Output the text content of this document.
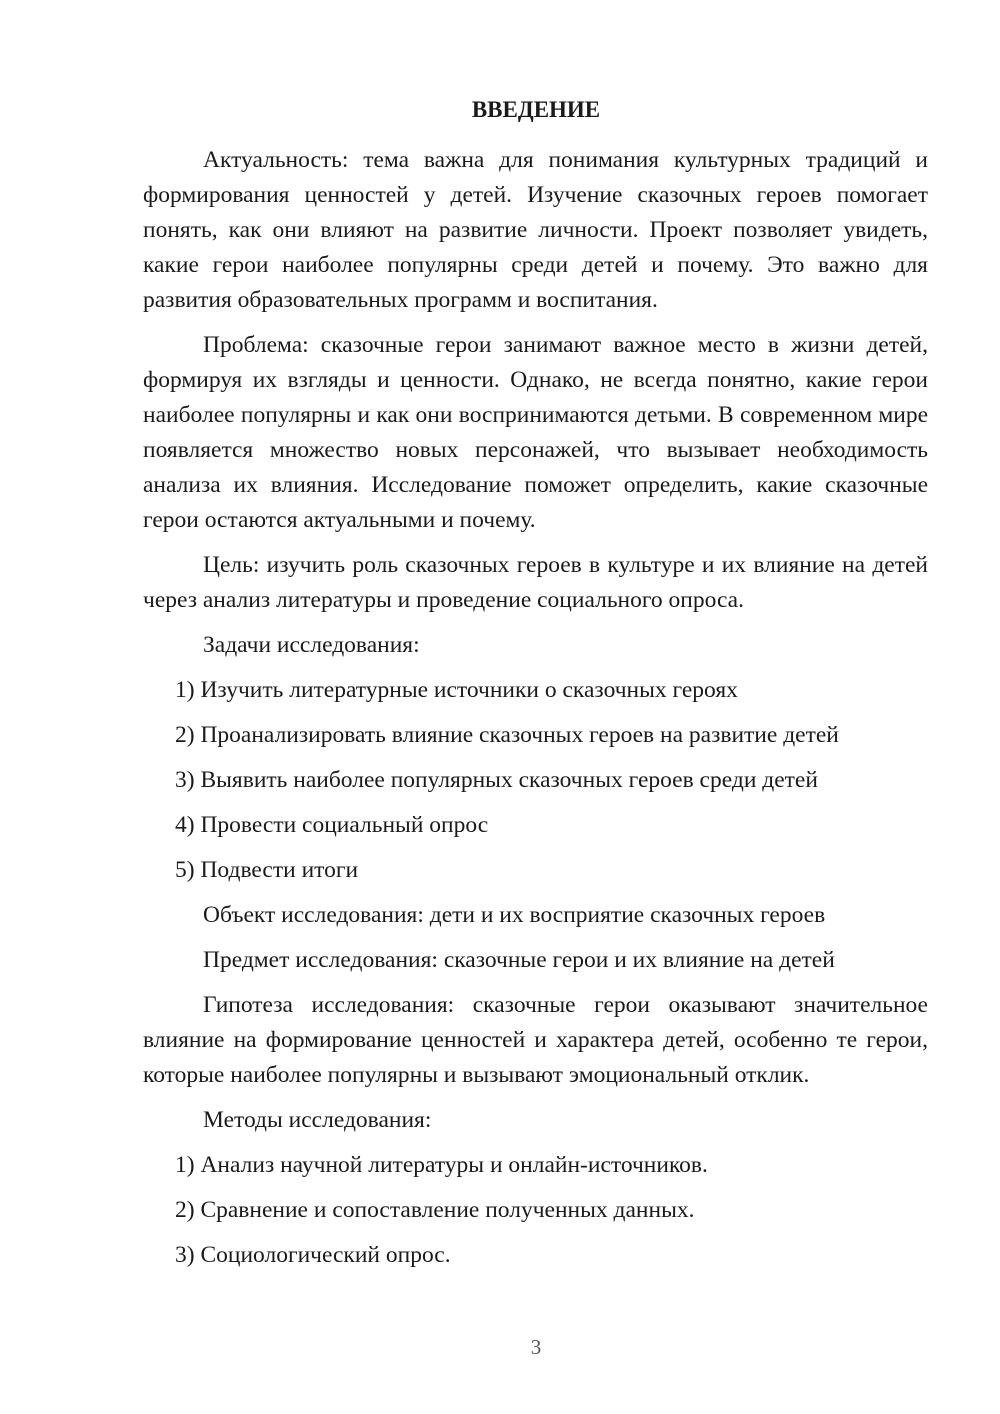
ВВЕДЕНИЕ

Актуальность: тема важна для понимания культурных традиций и формирования ценностей у детей. Изучение сказочных героев помогает понять, как они влияют на развитие личности. Проект позволяет увидеть, какие герои наиболее популярны среди детей и почему. Это важно для развития образовательных программ и воспитания.

Проблема: сказочные герои занимают важное место в жизни детей, формируя их взгляды и ценности. Однако, не всегда понятно, какие герои наиболее популярны и как они воспринимаются детьми. В современном мире появляется множество новых персонажей, что вызывает необходимость анализа их влияния. Исследование поможет определить, какие сказочные герои остаются актуальными и почему.

Цель: изучить роль сказочных героев в культуре и их влияние на детей через анализ литературы и проведение социального опроса.

Задачи исследования:

1) Изучить литературные источники о сказочных героях

2) Проанализировать влияние сказочных героев на развитие детей

3) Выявить наиболее популярных сказочных героев среди детей

4) Провести социальный опрос

5) Подвести итоги

Объект исследования: дети и их восприятие сказочных героев

Предмет исследования: сказочные герои и их влияние на детей

Гипотеза исследования: сказочные герои оказывают значительное влияние на формирование ценностей и характера детей, особенно те герои, которые наиболее популярны и вызывают эмоциональный отклик.

Методы исследования:

1) Анализ научной литературы и онлайн-источников.

2) Сравнение и сопоставление полученных данных.

3) Социологический опрос.

3
